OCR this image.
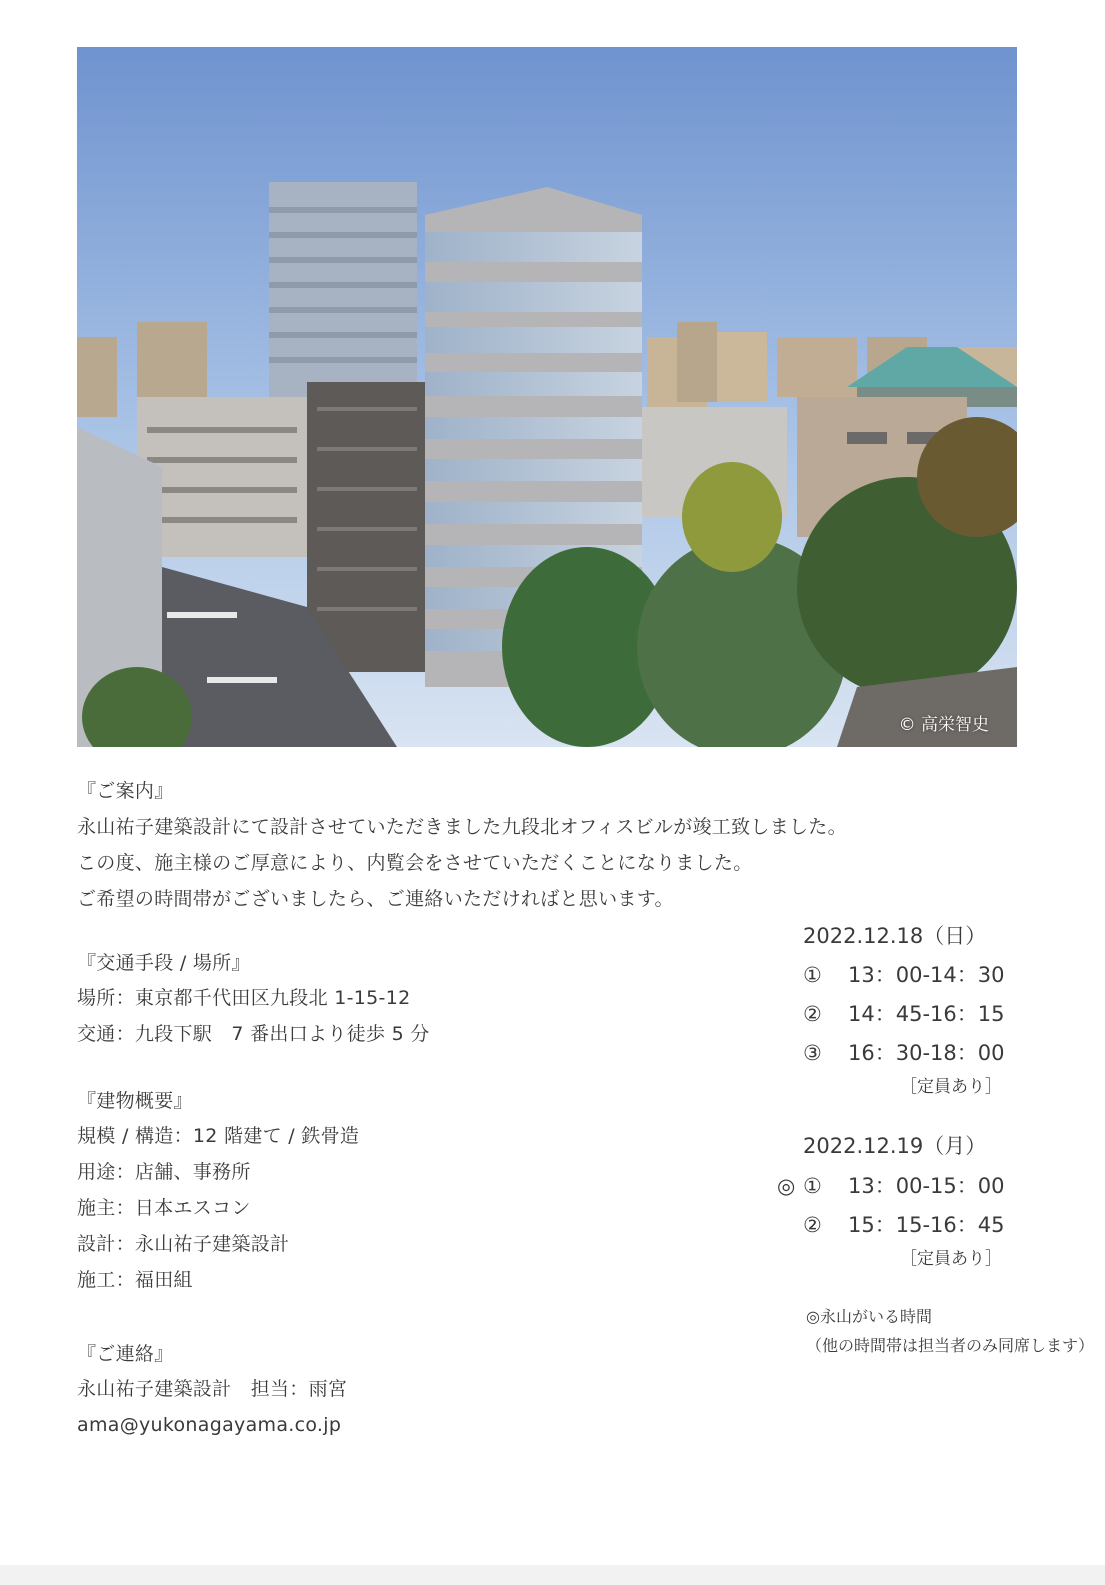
© 高栄智史
『ご案内』
永山祐子建築設計にて設計させていただきました九段北オフィスビルが竣工致しました。
この度、施主様のご厚意により、内覧会をさせていただくことになりました。
ご希望の時間帯がございましたら、ご連絡いただければと思います。
『交通手段 / 場所』
場所：東京都千代田区九段北 1-15-12
交通：九段下駅　7 番出口より徒歩 5 分
『建物概要』
規模 / 構造：12 階建て / 鉄骨造
用途：店舗、事務所
施主：日本エスコン
設計：永山祐子建築設計
施工：福田組
『ご連絡』
永山祐子建築設計　担当：雨宮
ama@yukonagayama.co.jp
2022.12.18（日）
① 13：00-14：30
② 14：45-16：15
③ 16：30-18：00
［定員あり］
2022.12.19（月）
◎ ① 13：00-15：00
② 15：15-16：45
［定員あり］
◎永山がいる時間
（他の時間帯は担当者のみ同席します）
